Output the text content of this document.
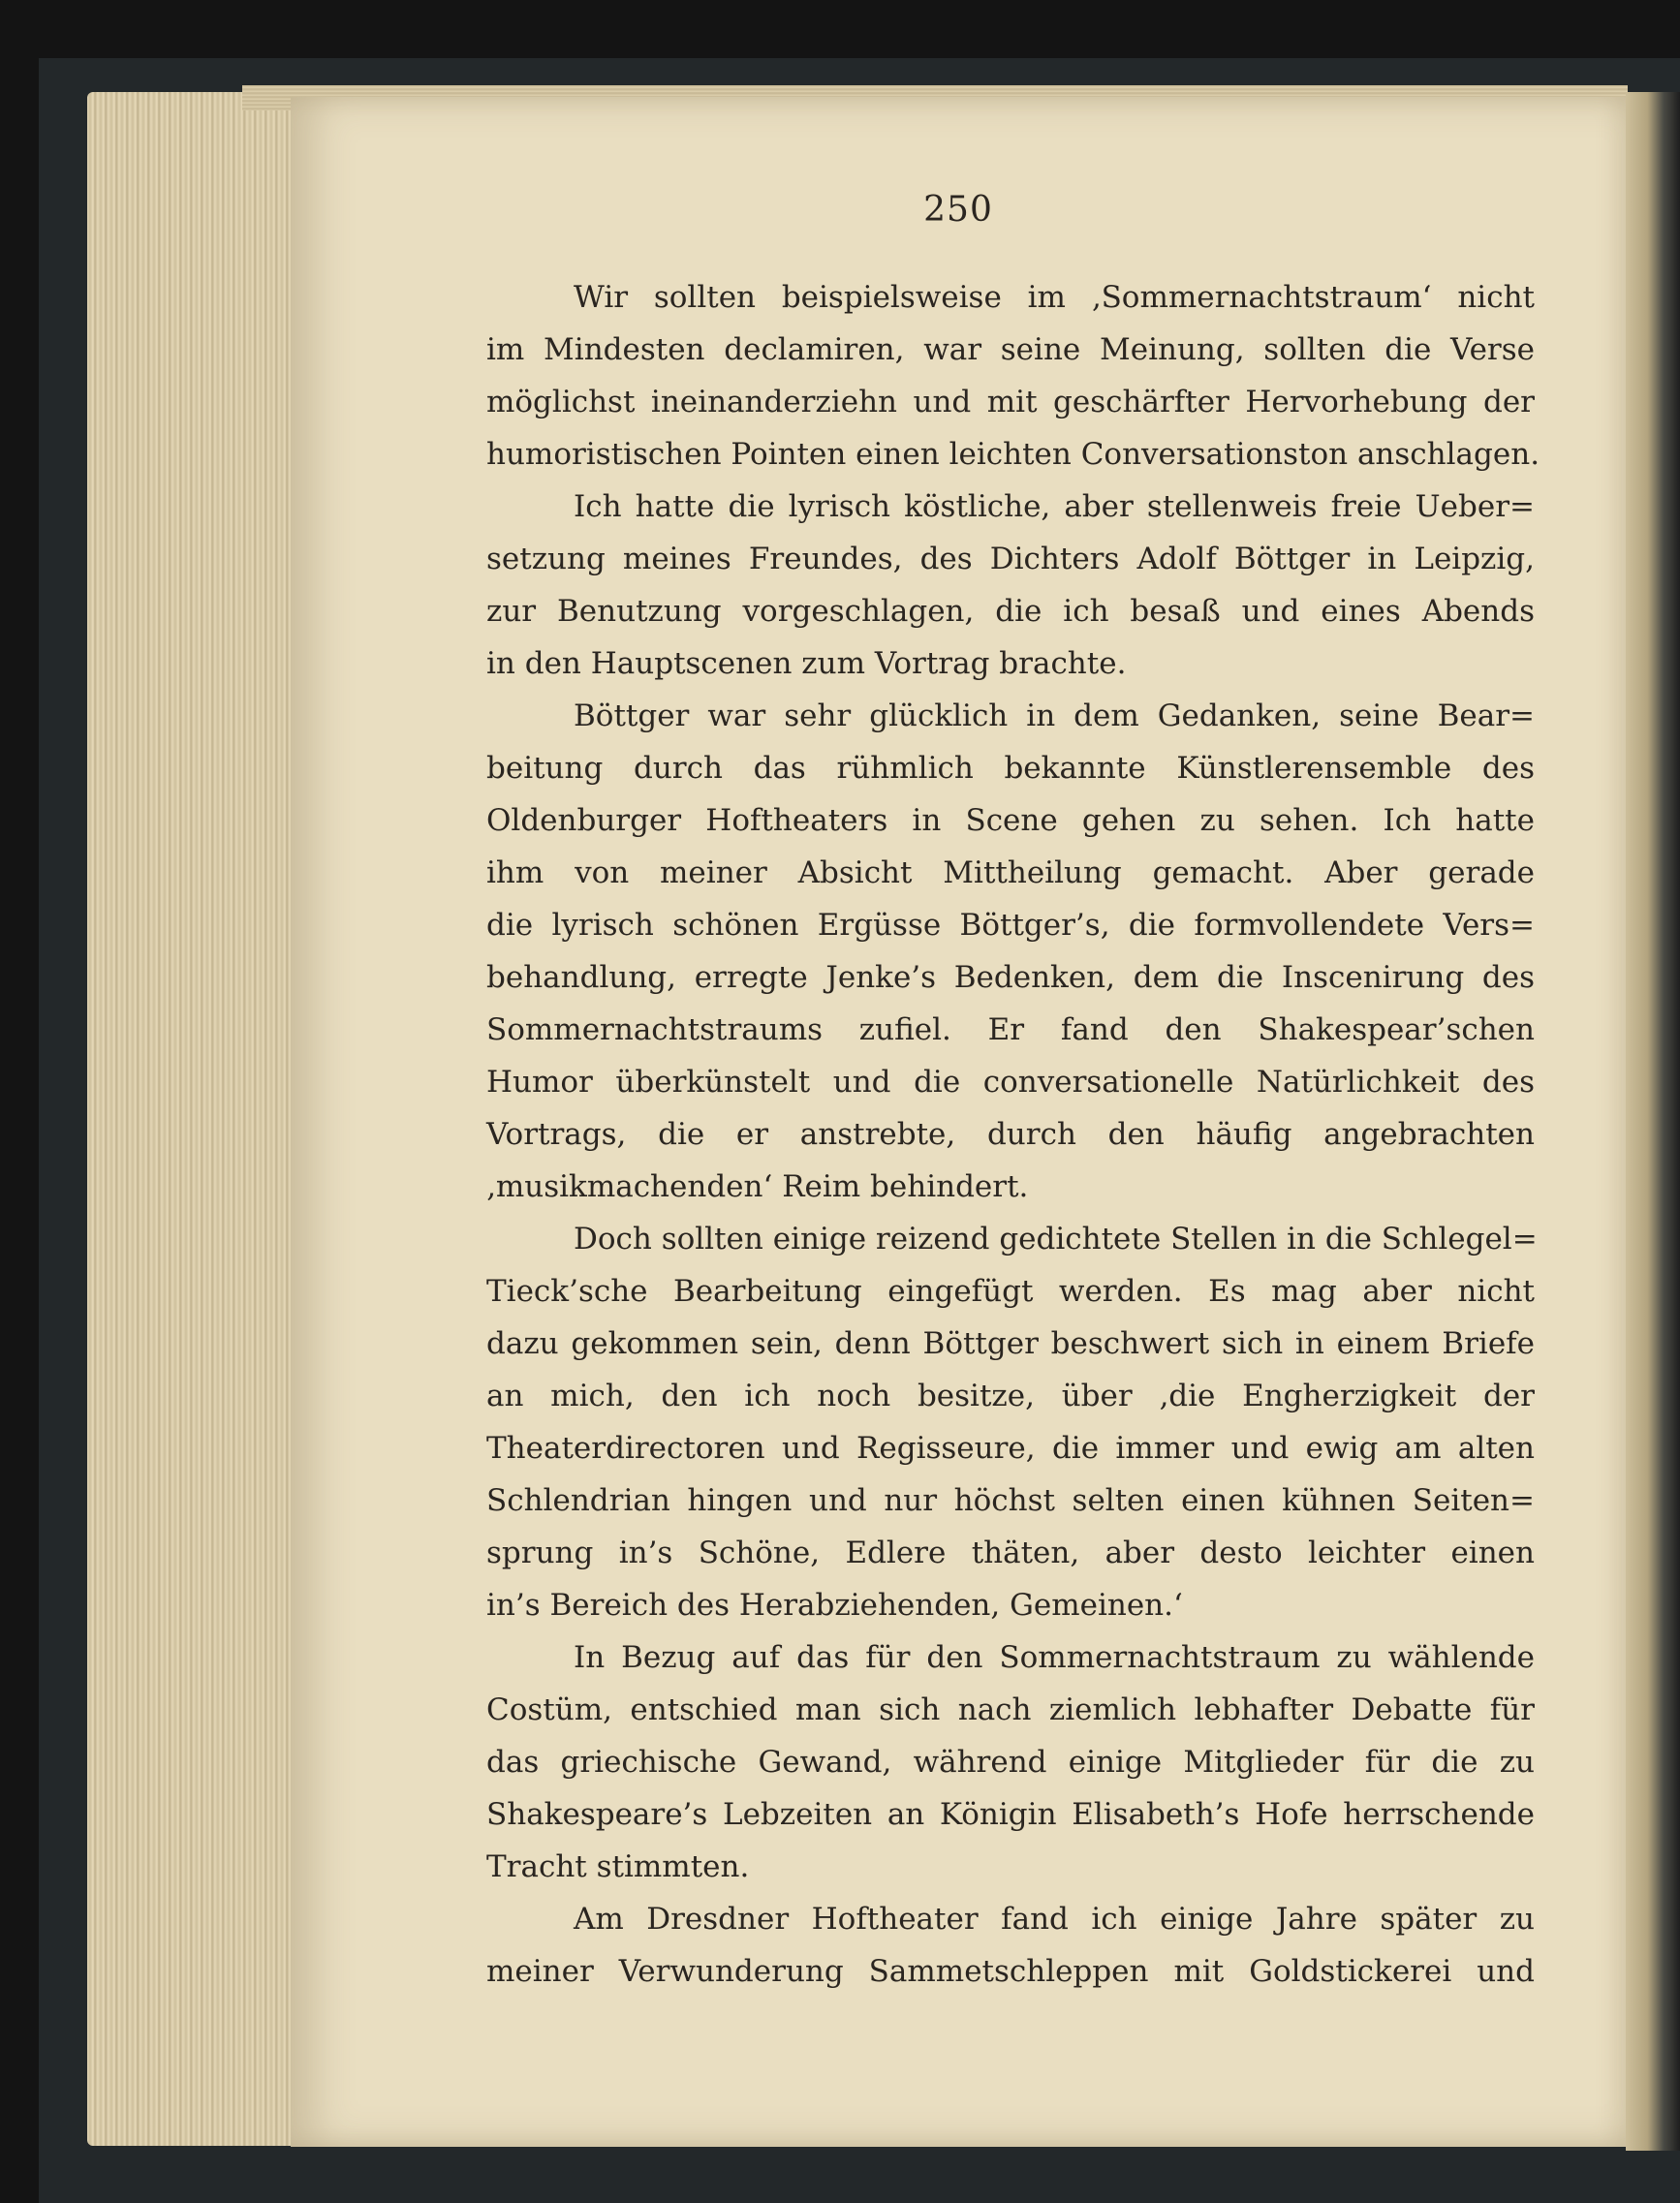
250
Wir sollten beispielsweise im ‚Sommernachtstraum‘ nicht
im Mindesten declamiren, war seine Meinung, sollten die Verse
möglichst ineinanderziehn und mit geschärfter Hervorhebung der
humoristischen Pointen einen leichten Conversationston anschlagen.
Ich hatte die lyrisch köstliche, aber stellenweis freie Ueber=
setzung meines Freundes, des Dichters Adolf Böttger in Leipzig,
zur Benutzung vorgeschlagen, die ich besaß und eines Abends
in den Hauptscenen zum Vortrag brachte.
Böttger war sehr glücklich in dem Gedanken, seine Bear=
beitung durch das rühmlich bekannte Künstlerensemble des
Oldenburger Hoftheaters in Scene gehen zu sehen. Ich hatte
ihm von meiner Absicht Mittheilung gemacht. Aber gerade
die lyrisch schönen Ergüsse Böttger’s, die formvollendete Vers=
behandlung, erregte Jenke’s Bedenken, dem die Inscenirung des
Sommernachtstraums zufiel. Er fand den Shakespear’schen
Humor überkünstelt und die conversationelle Natürlichkeit des
Vortrags, die er anstrebte, durch den häufig angebrachten
‚musikmachenden‘ Reim behindert.
Doch sollten einige reizend gedichtete Stellen in die Schlegel=
Tieck’sche Bearbeitung eingefügt werden. Es mag aber nicht
dazu gekommen sein, denn Böttger beschwert sich in einem Briefe
an mich, den ich noch besitze, über ‚die Engherzigkeit der
Theaterdirectoren und Regisseure, die immer und ewig am alten
Schlendrian hingen und nur höchst selten einen kühnen Seiten=
sprung in’s Schöne, Edlere thäten, aber desto leichter einen
in’s Bereich des Herabziehenden, Gemeinen.‘
In Bezug auf das für den Sommernachtstraum zu wählende
Costüm, entschied man sich nach ziemlich lebhafter Debatte für
das griechische Gewand, während einige Mitglieder für die zu
Shakespeare’s Lebzeiten an Königin Elisabeth’s Hofe herrschende
Tracht stimmten.
Am Dresdner Hoftheater fand ich einige Jahre später zu
meiner Verwunderung Sammetschleppen mit Goldstickerei und
